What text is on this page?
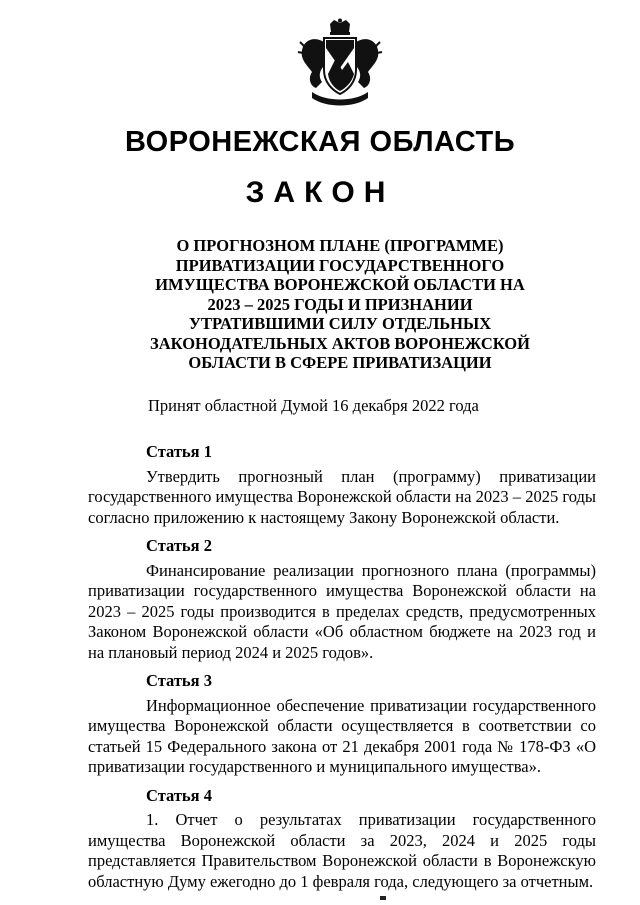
ВОРОНЕЖСКАЯ ОБЛАСТЬ
ЗАКОН
О ПРОГНОЗНОМ ПЛАНЕ (ПРОГРАММЕ)
ПРИВАТИЗАЦИИ ГОСУДАРСТВЕННОГО
ИМУЩЕСТВА ВОРОНЕЖСКОЙ ОБЛАСТИ НА
2023 – 2025 ГОДЫ И ПРИЗНАНИИ
УТРАТИВШИМИ СИЛУ ОТДЕЛЬНЫХ
ЗАКОНОДАТЕЛЬНЫХ АКТОВ ВОРОНЕЖСКОЙ
ОБЛАСТИ В СФЕРЕ ПРИВАТИЗАЦИИ
Принят областной Думой 16 декабря 2022 года
Статья 1
Утвердить прогнозный план (программу) приватизации государственного имущества Воронежской области на 2023 – 2025 годы согласно приложению к настоящему Закону Воронежской области.
Статья 2
Финансирование реализации прогнозного плана (программы) приватизации государственного имущества Воронежской области на 2023 – 2025 годы производится в пределах средств, предусмотренных Законом Воронежской области «Об областном бюджете на 2023 год и на плановый период 2024 и 2025 годов».
Статья 3
Информационное обеспечение приватизации государственного имущества Воронежской области осуществляется в соответствии со статьей 15 Федерального закона от 21 декабря 2001 года № 178-ФЗ «О приватизации государственного и муниципального имущества».
Статья 4
1. Отчет о результатах приватизации государственного имущества Воронежской области за 2023, 2024 и 2025 годы представляется Правительством Воронежской области в Воронежскую областную Думу ежегодно до 1 февраля года, следующего за отчетным.
